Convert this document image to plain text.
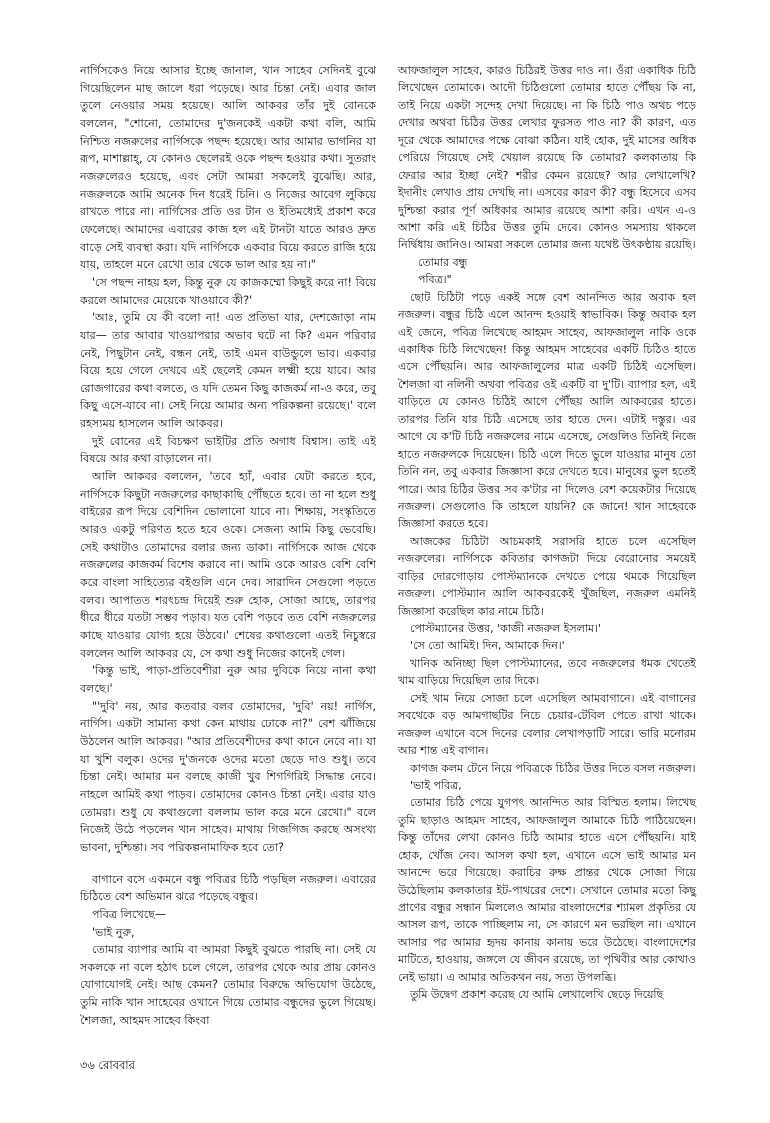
নার্গিসকেও নিয়ে আসার ইচ্ছে জানাল, খান সাহেব সেদিনই বুঝে গিয়েছিলেন মাছ জালে ধরা পড়েছে। আর চিন্তা নেই। এবার জাল তুলে নেওয়ার সময় হয়েছে। আলি আকবর তাঁর দুই বোনকে বললেন, "শোনো, তোমাদের দু'জনকেই একটা কথা বলি, আমি নিশ্চিত নজরুলের নার্গিসকে পছন্দ হয়েছে। আর আমার ভাগনির যা রূপ, মাশাল্লাহ্, যে কোনও ছেলেরই ওকে পছন্দ হওয়ার কথা। সুতরাং নজরুলেরও হয়েছে, এবং সেটা আমরা সকলেই বুঝেছি। আর, নজরুলকে আমি অনেক দিন ধরেই চিনি। ও নিজের আবেগ লুকিয়ে রাখতে পারে না। নার্গিসের প্রতি ওর টান ও ইতিমধ্যেই প্রকাশ করে ফেলেছে। আমাদের এবারের কাজ হল এই টানটা যাতে আরও দ্রুত বাড়ে সেই ব্যবস্থা করা। যদি নার্গিসকে একবার বিয়ে করতে রাজি হয়ে যায়, তাহলে মনে রেখো তার থেকে ভাল আর হয় না।"

'সে পছন্দ নাহয় হল, কিন্তু নুরু যে কাজকম্মো কিছুই করে না! বিয়ে করলে আমাদের মেয়েকে খাওয়াবে কী?'

'আঃ, তুমি যে কী বলো না! এত প্রতিভা যার, দেশজোড়া নাম যার— তার আবার খাওয়াপরার অভাব ঘটে না কি? এমন পরিবার নেই, পিছুটান নেই, বন্ধন নেই, তাই এমন বাউন্ডুলে ভাব। একবার বিয়ে হয়ে গেলে দেখবে এই ছেলেই কেমন লক্ষ্মী হয়ে যাবে। আর রোজগারের কথা বলতে, ও যদি তেমন কিছু কাজকর্ম না-ও করে, তবু কিছু এসে-যাবে না। সেই নিয়ে আমার অন্য পরিকল্পনা রয়েছে।' বলে রহস্যময় হাসলেন আলি আকবর।

দুই বোনের এই বিচক্ষণ ভাইটির প্রতি অগাধ বিশ্বাস। তাই এই বিষয়ে আর কথা বাড়ালেন না।

আলি আকবর বললেন, 'তবে হ্যাঁ, এবার যেটা করতে হবে, নার্গিসকে কিছুটা নজরুলের কাছাকাছি পৌঁছতে হবে। তা না হলে শুধু বাইরের রূপ দিয়ে বেশিদিন ভোলানো যাবে না। শিক্ষায়, সংস্কৃতিতে আরও একটু পরিণত হতে হবে ওকে। সেজন্য আমি কিছু ভেবেছি। সেই কথাটাও তোমাদের বলার জন্য ডাকা। নার্গিসকে আজ থেকে নজরুলের কাজকর্ম বিশেষ করাবে না। আমি ওকে আরও বেশি বেশি করে বাংলা সাহিত্যের বইগুলি এনে দেব। সারাদিন সেগুলো পড়তে বলব। আপাতত শরৎচন্দ্র দিয়েই শুরু হোক, সোজা আছে, তারপর ধীরে ধীরে যতটা সম্ভব পড়াব। যত বেশি পড়বে তত বেশি নজরুলের কাছে যাওয়ার যোগ্য হয়ে উঠবে।' শেষের কথাগুলো এতই নিচুস্বরে বললেন আলি আকবর যে, সে কথা শুধু নিজের কানেই গেল।

'কিন্তু ভাই, পাড়া-প্রতিবেশীরা নুরু আর দুবিকে নিয়ে নানা কথা বলছে।'

"'দুবি' নয়, আর কতবার বলব তোমাদের, 'দুবি' নয়! নার্গিস, নার্গিস। একটা সামান্য কথা কেন মাথায় ঢোকে না?" বেশ ঝাঁজিয়ে উঠলেন আলি আকবর। "আর প্রতিবেশীদের কথা কানে নেবে না। যা যা খুশি বলুক। ওদের দু'জনকে ওদের মতো ছেড়ে দাও শুধু। তবে চিন্তা নেই। আমার মন বলছে কাজী খুব শিগগিরিই সিদ্ধান্ত নেবে। নাহলে আমিই কথা পাড়ব। তোমাদের কোনও চিন্তা নেই। এবার যাও তোমরা। শুধু যে কথাগুলো বললাম ভাল করে মনে রেখো।" বলে নিজেই উঠে পড়লেন খান সাহেব। মাথায় গিজগিজ করছে অসংখ্য ভাবনা, দুশ্চিন্তা। সব পরিকল্পনামাফিক হবে তো?

বাগানে বসে একমনে বন্ধু পবিত্রর চিঠি পড়ছিল নজরুল। এবারের চিঠিতে বেশ অভিমান ঝরে পড়েছে বন্ধুর।

পবিত্র লিখেছে—

'ভাই নুরু,

তোমার ব্যাপার আমি বা আমরা কিছুই বুঝতে পারছি না। সেই যে সকলকে না বলে হঠাৎ চলে গেলে, তারপর থেকে আর প্রায় কোনও যোগাযোগই নেই। আছ কেমন? তোমার বিরুদ্ধে অভিযোগ উঠেছে, তুমি নাকি খান সাহেবের ওখানে গিয়ে তোমার বন্ধুদের ভুলে গিয়েছ। শৈলজা, আহমদ সাহেব কিংবা

আফজালুল সাহেব, কারও চিঠিরই উত্তর দাও না। ওঁরা একাধিক চিঠি লিখেছেন তোমাকে। আদৌ চিঠিগুলো তোমার হাতে পৌঁছয় কি না, তাই নিয়ে একটা সন্দেহ দেখা দিয়েছে। না কি চিঠি পাও অথচ পড়ে দেখার অথবা চিঠির উত্তর লেখার ফুরসত পাও না? কী কারণ, এত দূরে থেকে আমাদের পক্ষে বোঝা কঠিন। যাই হোক, দুই মাসের অধিক পেরিয়ে গিয়েছে সেই খেয়াল রয়েছে কি তোমার? কলকাতায় কি ফেরার আর ইচ্ছা নেই? শরীর কেমন রয়েছে? আর লেখালেখি? ইদানীং লেখাও প্রায় দেখছি না। এসবের কারণ কী? বন্ধু হিসেবে এসব দুশ্চিন্তা করার পূর্ণ অধিকার আমার রয়েছে আশা করি। এখন এ-ও আশা করি এই চিঠির উত্তর তুমি দেবে। কোনও সমস্যায় থাকলে নির্দ্বিধায় জানিও। আমরা সকলে তোমার জন্য যথেষ্ট উৎকণ্ঠায় রয়েছি।

তোমার বন্ধু

পবিত্র।"

ছোট চিঠিটা পড়ে একই সঙ্গে বেশ আনন্দিত আর অবাক হল নজরুল। বন্ধুর চিঠি এলে আনন্দ হওয়াই স্বাভাবিক। কিন্তু অবাক হল এই জেনে, পবিত্র লিখেছে আহমদ সাহেব, আফজালুল নাকি ওকে একাধিক চিঠি লিখেছেন! কিন্তু আহমদ সাহেবের একটি চিঠিও হাতে এসে পৌঁছয়নি। আর আফজালুলের মাত্র একটি চিঠিই এসেছিল। শৈলজা বা নলিনী অথবা পবিত্রর ওই একটি বা দু'টি। ব্যাপার হল, এই বাড়িতে যে কোনও চিঠিই আগে পৌঁছয় আলি আকবরের হাতে। তারপর তিনি যার চিঠি এসেছে তার হাতে দেন। এটাই দস্তুর। এর আগে যে ক'টি চিঠি নজরুলের নামে এসেছে, সেগুলিও তিনিই নিজে হাতে নজরুলকে দিয়েছেন। চিঠি এলে দিতে ভুলে যাওয়ার মানুষ তো তিনি নন, তবু একবার জিজ্ঞাসা করে দেখতে হবে। মানুষের ভুল হতেই পারে। আর চিঠির উত্তর সব ক'টার না দিলেও বেশ কয়েকটার দিয়েছে নজরুল। সেগুলোও কি তাহলে যায়নি? কে জানে! খান সাহেবকে জিজ্ঞাসা করতে হবে।

আজকের চিঠিটা আচমকাই সরাসরি হাতে চলে এসেছিল নজরুলের। নার্গিসকে কবিতার কাগজটা দিয়ে বেরোনোর সময়েই বাড়ির দোরগোড়ায় পোস্টম্যানকে দেখতে পেয়ে থমকে গিয়েছিল নজরুল। পোস্টম্যান আলি আকবরকেই খুঁজছিল, নজরুল এমনিই জিজ্ঞাসা করেছিল কার নামে চিঠি।

পোস্টম্যানের উত্তর, 'কাজী নজরুল ইসলাম।'

'সে তো আমিই। দিন, আমাকে দিন।'

খানিক অনিচ্ছা ছিল পোস্টম্যানের, তবে নজরুলের ধমক খেতেই খাম বাড়িয়ে দিয়েছিল তার দিকে।

সেই খাম নিয়ে সোজা চলে এসেছিল আমবাগানে। এই বাগানের সবথেকে বড় আমগাছটির নিচে চেয়ার-টেবিল পেতে রাখা থাকে। নজরুল এখানে বসে দিনের বেলার লেখাপড়াটি সারে। ভারি মনোরম আর শান্ত এই বাগান।

কাগজ কলম টেনে নিয়ে পবিত্রকে চিঠির উত্তর দিতে বসল নজরুল।

'ভাই পবিত্র,

তোমার চিঠি পেয়ে যুগপৎ আনন্দিত আর বিস্মিত হলাম। লিখেছ তুমি ছাড়াও আহমদ সাহেব, আফজালুল আমাকে চিঠি পাঠিয়েছেন। কিন্তু তাঁদের লেখা কোনও চিঠি আমার হাতে এসে পৌঁছয়নি। যাই হোক, খোঁজ নেব। আসল কথা হল, এখানে এসে ভাই আমার মন আনন্দে ভরে গিয়েছে। করাচির রুক্ষ প্রান্তর থেকে সোজা গিয়ে উঠেছিলাম কলকাতার ইট-পাথরের দেশে। সেখানে তোমার মতো কিছু প্রাণের বন্ধুর সন্ধান মিললেও আমার বাংলাদেশের শ্যামল প্রকৃতির যে আসল রূপ, তাকে পাচ্ছিলাম না, সে কারণে মন ভরছিল না। এখানে আসার পর আমার হৃদয় কানায় কানায় ভরে উঠেছে। বাংলাদেশের মাটিতে, হাওয়ায়, জঙ্গলে যে জীবন রয়েছে, তা পৃথিবীর আর কোথাও নেই ভায়া। এ আমার অতিকথন নয়, সত্য উপলব্ধি।

তুমি উদ্বেগ প্রকাশ করেছ যে আমি লেখালেখি ছেড়ে দিয়েছি

৩৬ রোববার
